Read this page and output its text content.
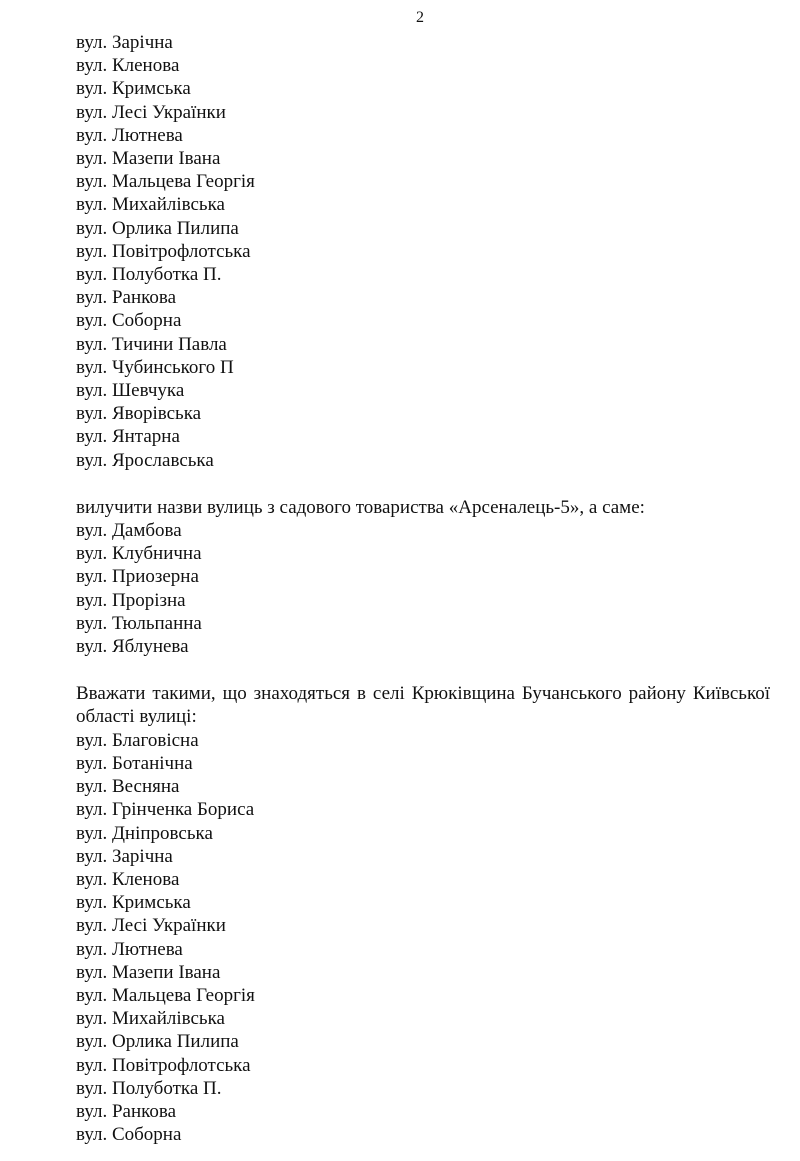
2
вул. Зарічна
вул. Кленова
вул. Кримська
вул. Лесі Українки
вул. Лютнева
вул. Мазепи Івана
вул. Мальцева Георгія
вул. Михайлівська
вул. Орлика Пилипа
вул. Повітрофлотська
вул. Полуботка П.
вул. Ранкова
вул. Соборна
вул. Тичини Павла
вул. Чубинського П
вул. Шевчука
вул. Яворівська
вул. Янтарна
вул. Ярославська

вилучити назви вулиць з садового товариства «Арсеналець-5», а саме:

вул. Дамбова
вул. Клубнична
вул. Приозерна
вул. Прорізна
вул. Тюльпанна
вул. Яблунева

Вважати такими, що знаходяться в селі Крюківщина Бучанського району Київської області вулиці:

вул. Благовісна
вул. Ботанічна
вул. Весняна
вул. Грінченка Бориса
вул. Дніпровська
вул. Зарічна
вул. Кленова
вул. Кримська
вул. Лесі Українки
вул. Лютнева
вул. Мазепи Івана
вул. Мальцева Георгія
вул. Михайлівська
вул. Орлика Пилипа
вул. Повітрофлотська
вул. Полуботка П.
вул. Ранкова
вул. Соборна
